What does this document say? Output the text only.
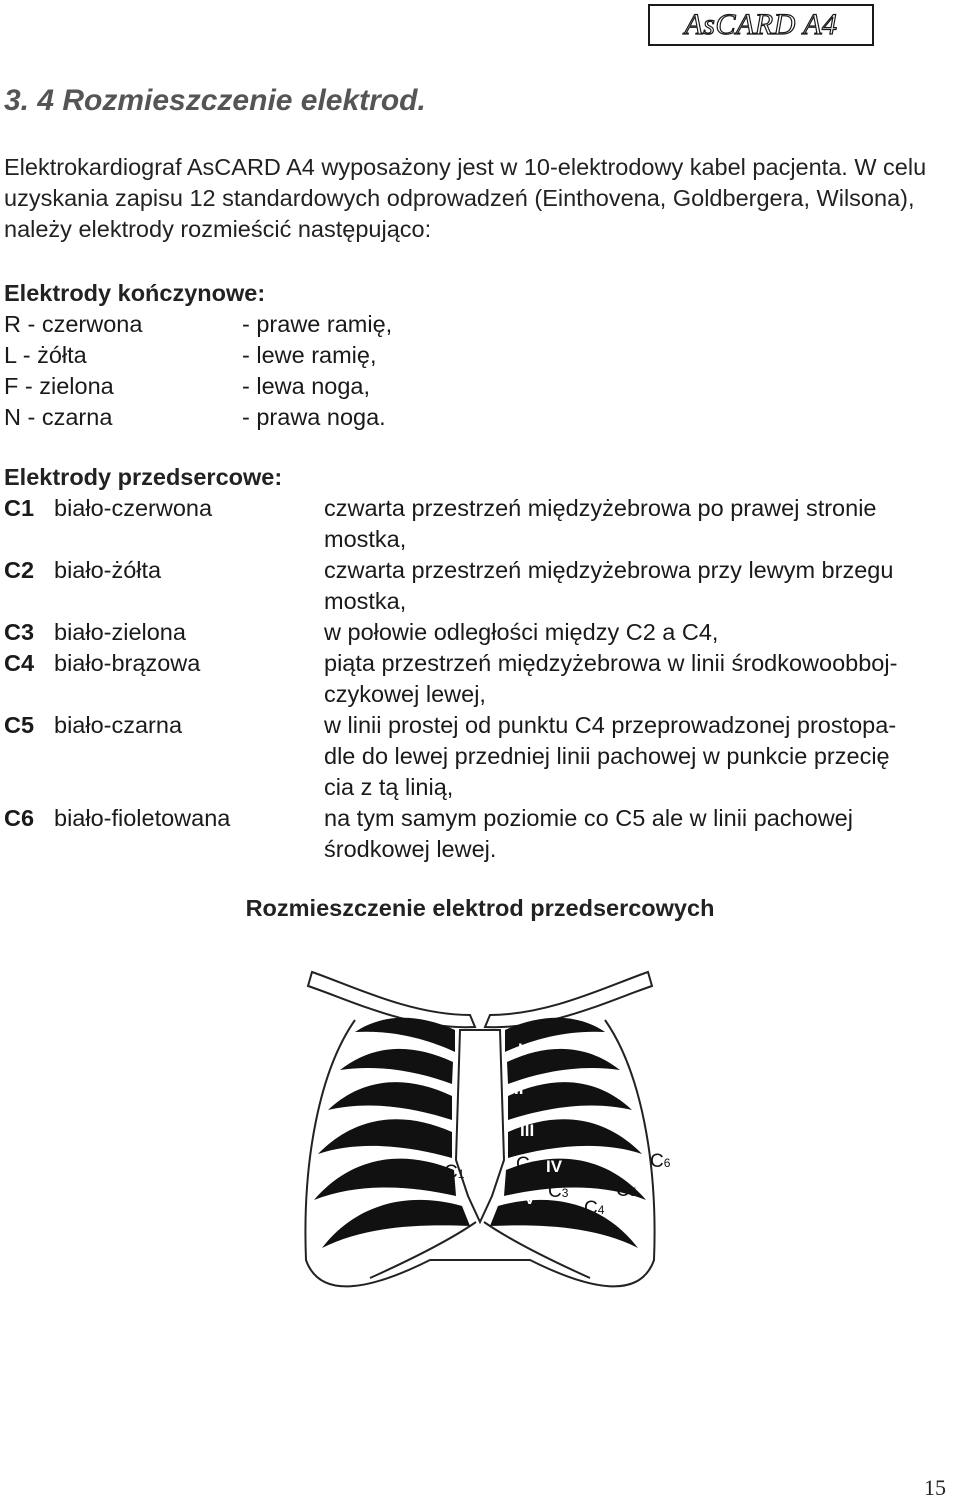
AsCARD A4
3. 4 Rozmieszczenie elektrod.

Elektrokardiograf AsCARD A4 wyposażony jest w 10-elektrodowy kabel pacjenta. W celu uzyskania zapisu 12 standardowych odprowadzeń (Einthovena, Goldbergera, Wilsona), należy elektrody rozmieścić następująco:

Elektrody kończynowe:

R - czerwona	- prawe ramię,
L - żółta	- lewe ramię,
F - zielona	- lewa noga,
N - czarna	- prawa noga.

Elektrody przedsercowe:

C1 biało-czerwona	czwarta przestrzeń międzyżebrowa po prawej stronie
mostka,
C2 biało-żółta	czwarta przestrzeń międzyżebrowa przy lewym brzegu
mostka,
C3 biało-zielona	w połowie odległości między C2 a C4,
C4 biało-brązowa	piąta przestrzeń międzyżebrowa w linii środkowoobboj-
czykowej lewej,
C5 biało-czarna	w linii prostej od punktu C4 przeprowadzonej prostopa-
dle do lewej przedniej linii pachowej w punkcie przecię
cia z tą linią,
C6 biało-fioletowana	na tym samym poziomie co C5 ale w linii pachowej
środkowej lewej.

Rozmieszczenie elektrod przedsercowych

I
II
III
IV
V
C1	C2
C3
C4
C5
C6

15
